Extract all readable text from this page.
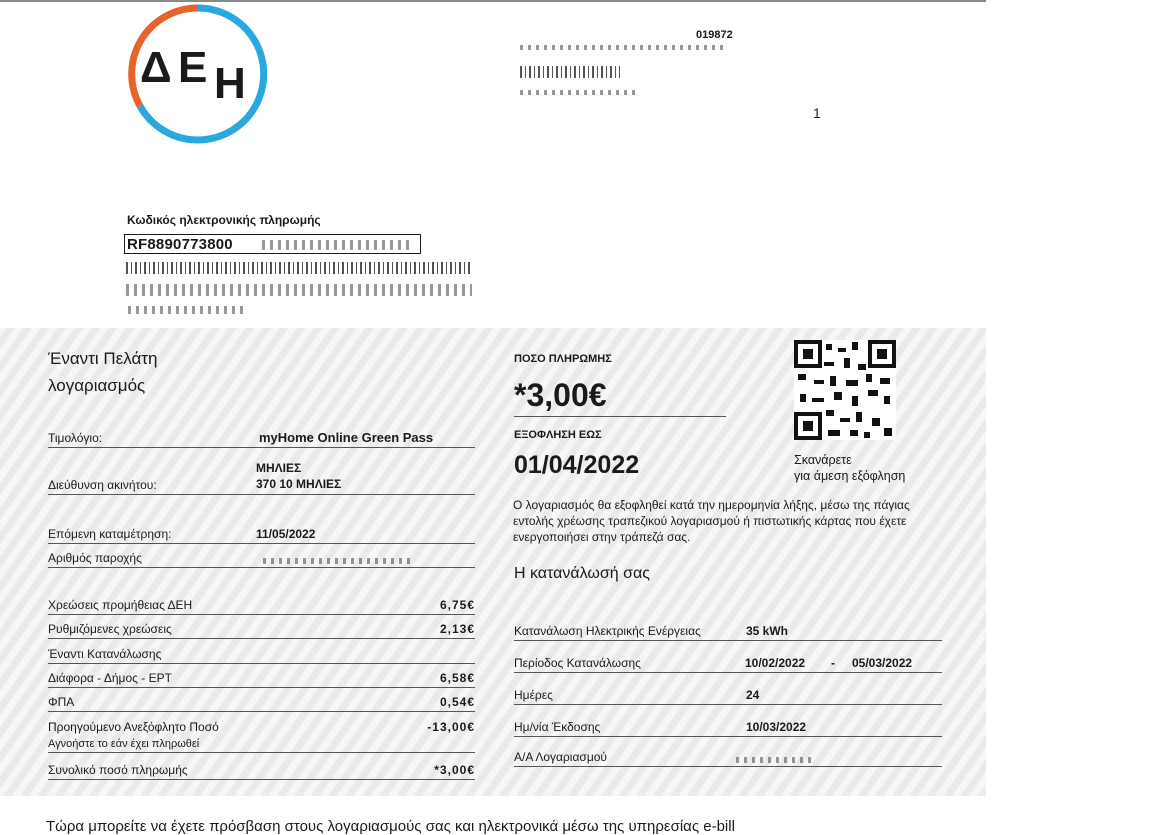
Δ Ε Η
019872
1
Κωδικός ηλεκτρονικής πληρωμής
RF8890773800
Έναντι Πελάτη
λογαριασμός
Τιμολόγιο:	myHome Online Green Pass
Διεύθυνση ακινήτου:
ΜΗΛΙΕΣ
370 10 ΜΗΛΙΕΣ
Επόμενη καταμέτρηση:	11/05/2022
Αριθμός παροχής
Χρεώσεις προμήθειας ΔΕΗ	6,75€
Ρυθμιζόμενες χρεώσεις	2,13€
Έναντι Κατανάλωσης
Διάφορα - Δήμος - ΕΡΤ	6,58€
ΦΠΑ	0,54€
Προηγούμενο Ανεξόφλητο Ποσό	-13,00€
Αγνοήστε το εάν έχει πληρωθεί
Συνολικό ποσό πληρωμής	*3,00€
ΠΟΣΟ ΠΛΗΡΩΜΗΣ
*3,00€
ΕΞΟΦΛΗΣΗ ΕΩΣ
01/04/2022	Σκανάρετε
για άμεση εξόφληση
Ο λογαριασμός θα εξοφληθεί κατά την ημερομηνία λήξης, μέσω της πάγιας εντολής χρέωσης τραπεζικού λογαριασμού ή πιστωτικής κάρτας που έχετε ενεργοποιήσει στην τράπεζά σας.
Η κατανάλωσή σας
Κατανάλωση Ηλεκτρικής Ενέργειας	35 kWh
Περίοδος Κατανάλωσης	10/02/2022 - 05/03/2022
Ημέρες	24
Ημ/νία Έκδοσης	10/03/2022
Α/Α Λογαριασμού
Τώρα μπορείτε να έχετε πρόσβαση στους λογαριασμούς σας και ηλεκτρονικά μέσω της υπηρεσίας e-bill
